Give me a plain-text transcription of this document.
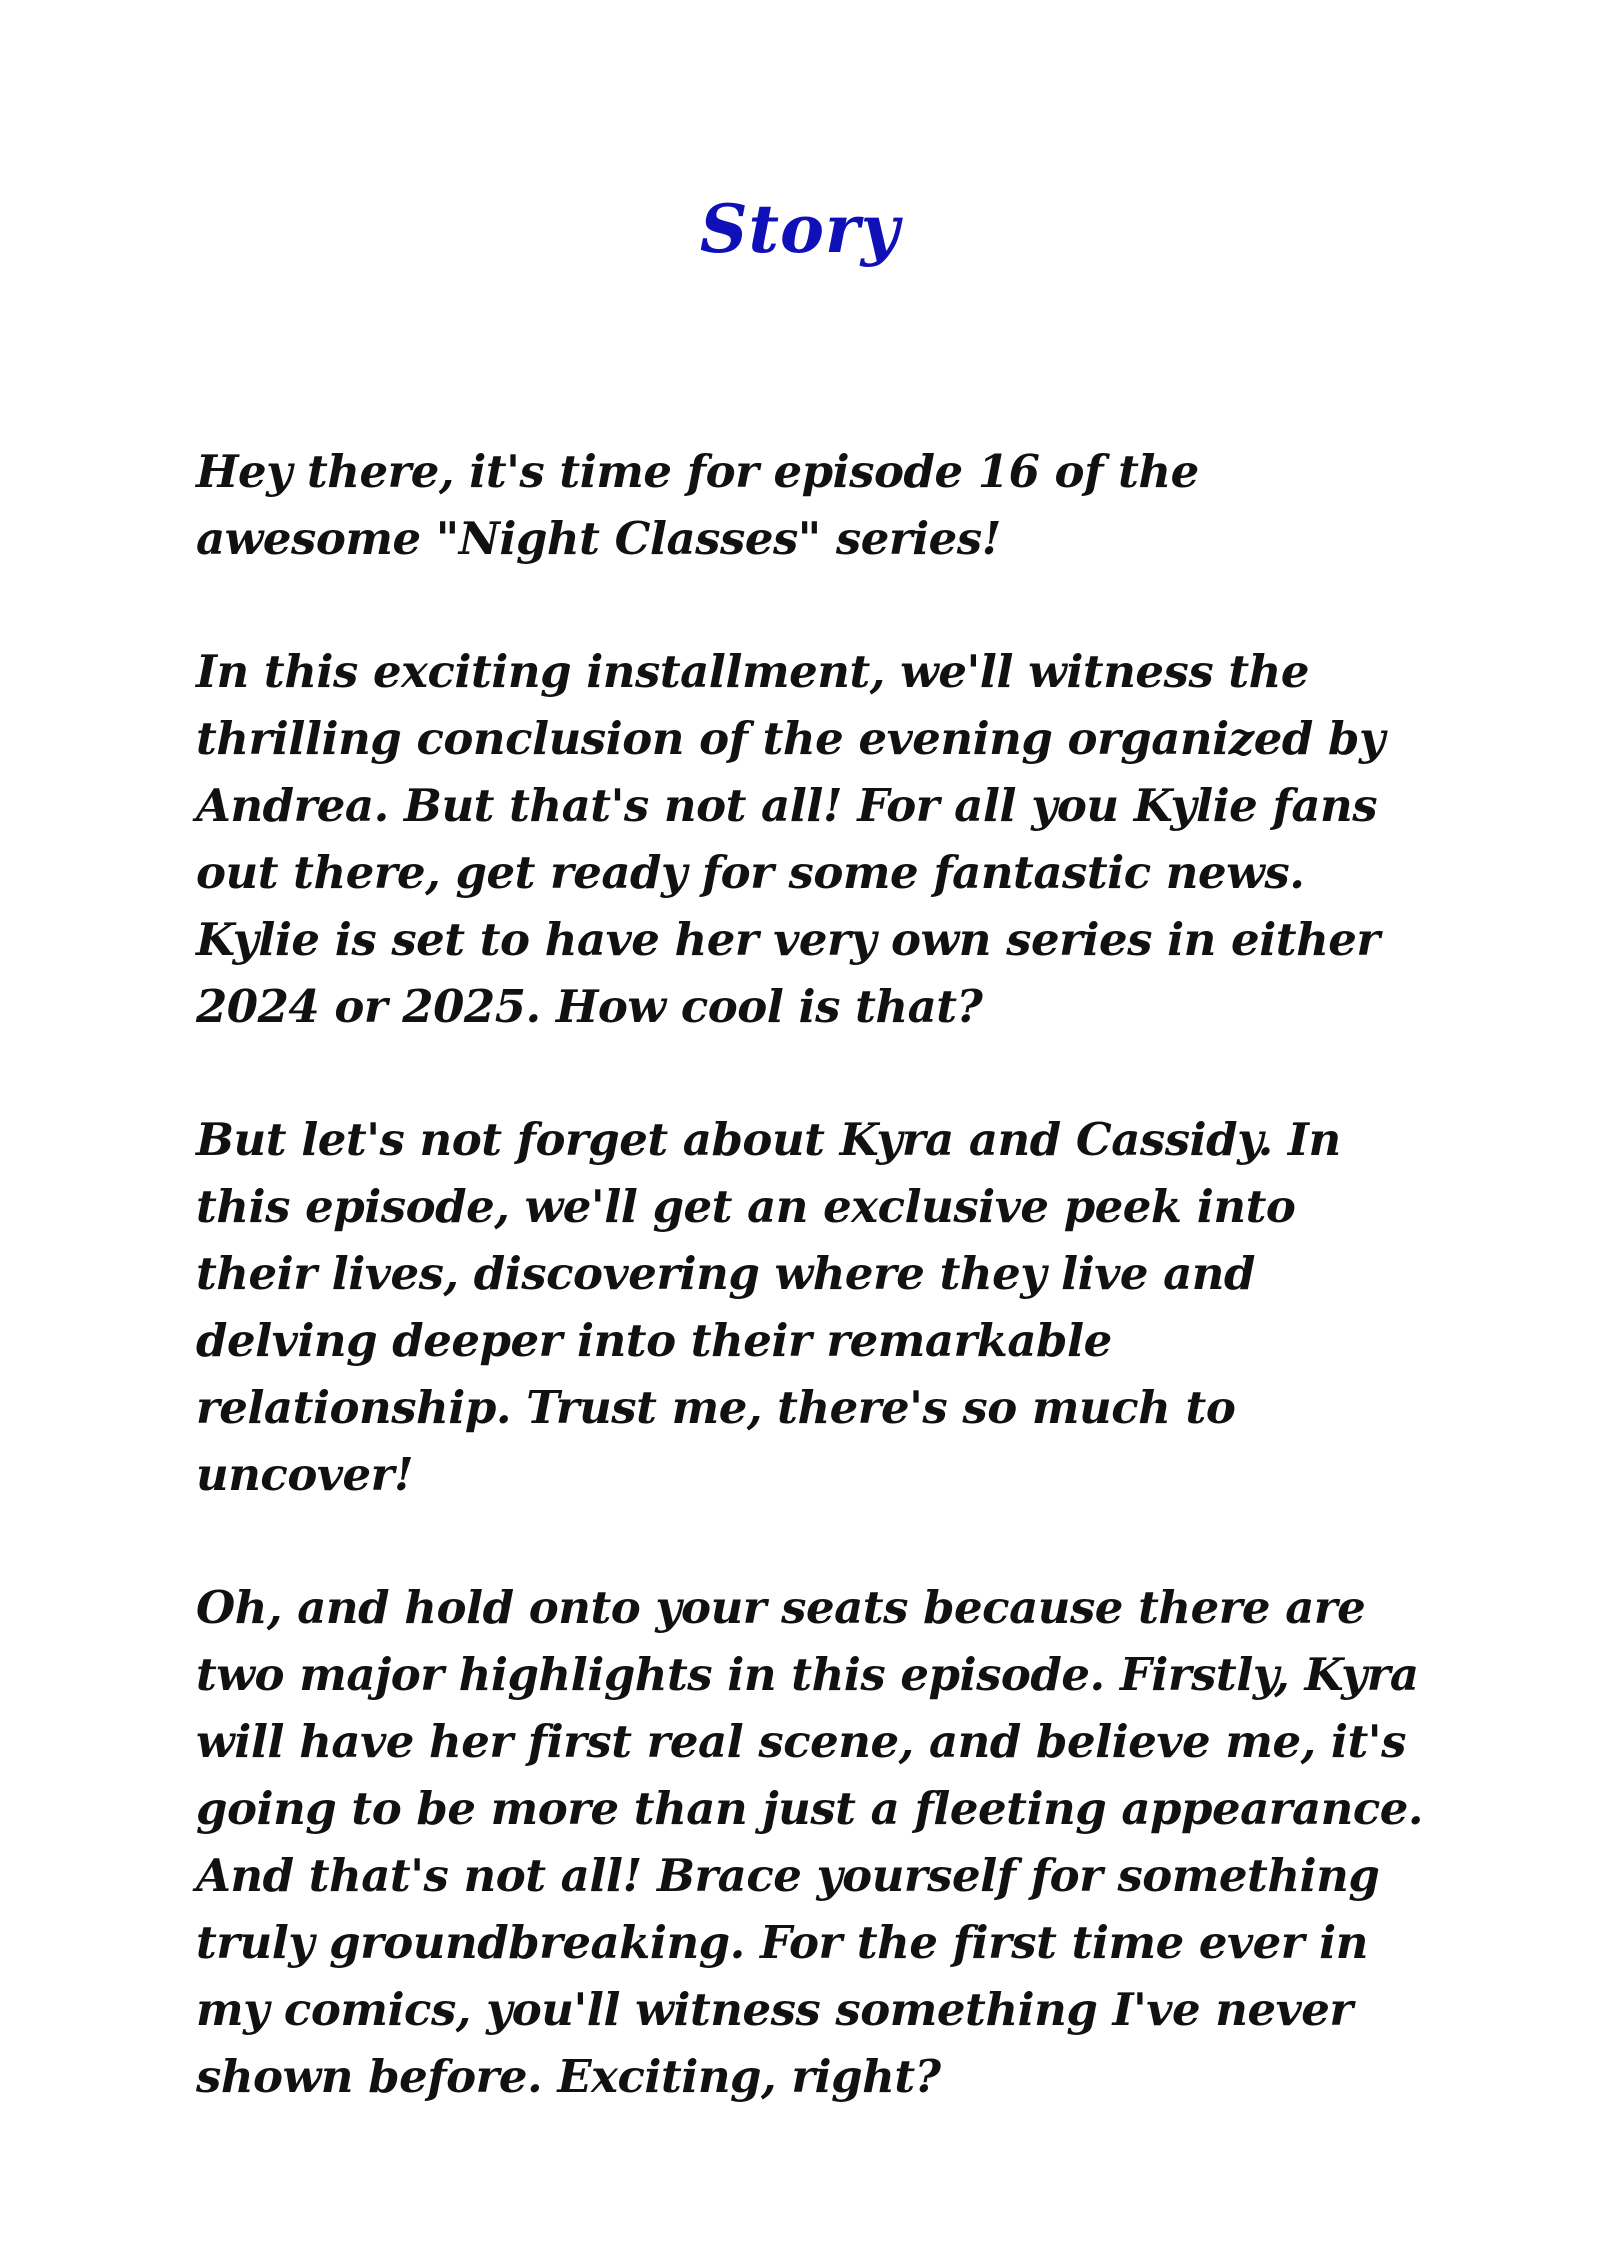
Story

Hey there, it's time for episode 16 of the awesome "Night Classes" series!

In this exciting installment, we'll witness the thrilling conclusion of the evening organized by Andrea. But that's not all! For all you Kylie fans out there, get ready for some fantastic news. Kylie is set to have her very own series in either 2024 or 2025. How cool is that?

But let's not forget about Kyra and Cassidy. In this episode, we'll get an exclusive peek into their lives, discovering where they live and delving deeper into their remarkable relationship. Trust me, there's so much to uncover!

Oh, and hold onto your seats because there are two major highlights in this episode. Firstly, Kyra will have her first real scene, and believe me, it's going to be more than just a fleeting appearance. And that's not all! Brace yourself for something truly groundbreaking. For the first time ever in my comics, you'll witness something I've never shown before. Exciting, right?
